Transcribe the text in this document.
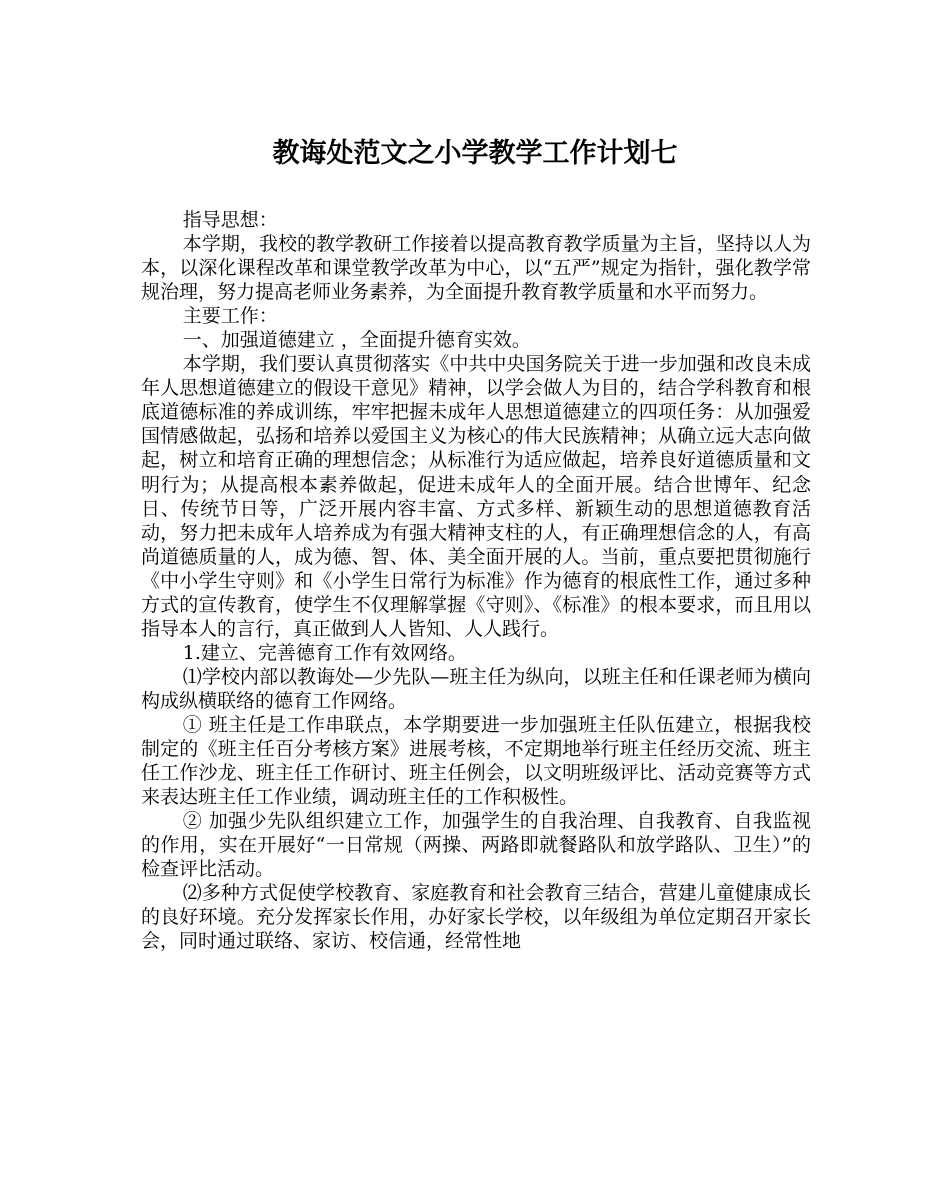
教诲处范文之小学教学工作计划七

指导思想：

本学期，我校的教学教研工作接着以提高教育教学质量为主旨，坚持以人为本，以深化课程改革和课堂教学改革为中心，以“五严”规定为指针，强化教学常规治理，努力提高老师业务素养，为全面提升教育教学质量和水平而努力。

主要工作：

一、加强道德建立 ，全面提升德育实效。

本学期，我们要认真贯彻落实《中共中央国务院关于进一步加强和改良未成年人思想道德建立的假设干意见》精神，以学会做人为目的，结合学科教育和根底道德标准的养成训练，牢牢把握未成年人思想道德建立的四项任务：从加强爱国情感做起，弘扬和培养以爱国主义为核心的伟大民族精神；从确立远大志向做起，树立和培育正确的理想信念；从标准行为适应做起，培养良好道德质量和文明行为；从提高根本素养做起，促进未成年人的全面开展。结合世博年、纪念日、传统节日等，广泛开展内容丰富、方式多样、新颖生动的思想道德教育活动，努力把未成年人培养成为有强大精神支柱的人，有正确理想信念的人，有高尚道德质量的人，成为德、智、体、美全面开展的人。当前，重点要把贯彻施行《中小学生守则》和《小学生日常行为标准》作为德育的根底性工作，通过多种方式的宣传教育，使学生不仅理解掌握《守则》、《标准》的根本要求，而且用以指导本人的言行，真正做到人人皆知、人人践行。

1.建立、完善德育工作有效网络。

⑴学校内部以教诲处—少先队—班主任为纵向，以班主任和任课老师为横向构成纵横联络的德育工作网络。

① 班主任是工作串联点，本学期要进一步加强班主任队伍建立，根据我校制定的《班主任百分考核方案》进展考核，不定期地举行班主任经历交流、班主任工作沙龙、班主任工作研讨、班主任例会，以文明班级评比、活动竞赛等方式来表达班主任工作业绩，调动班主任的工作积极性。

② 加强少先队组织建立工作，加强学生的自我治理、自我教育、自我监视的作用，实在开展好“一日常规（两操、两路即就餐路队和放学路队、卫生）”的检查评比活动。

⑵多种方式促使学校教育、家庭教育和社会教育三结合，营建儿童健康成长的良好环境。充分发挥家长作用，办好家长学校，以年级组为单位定期召开家长会，同时通过联络、家访、校信通，经常性地
